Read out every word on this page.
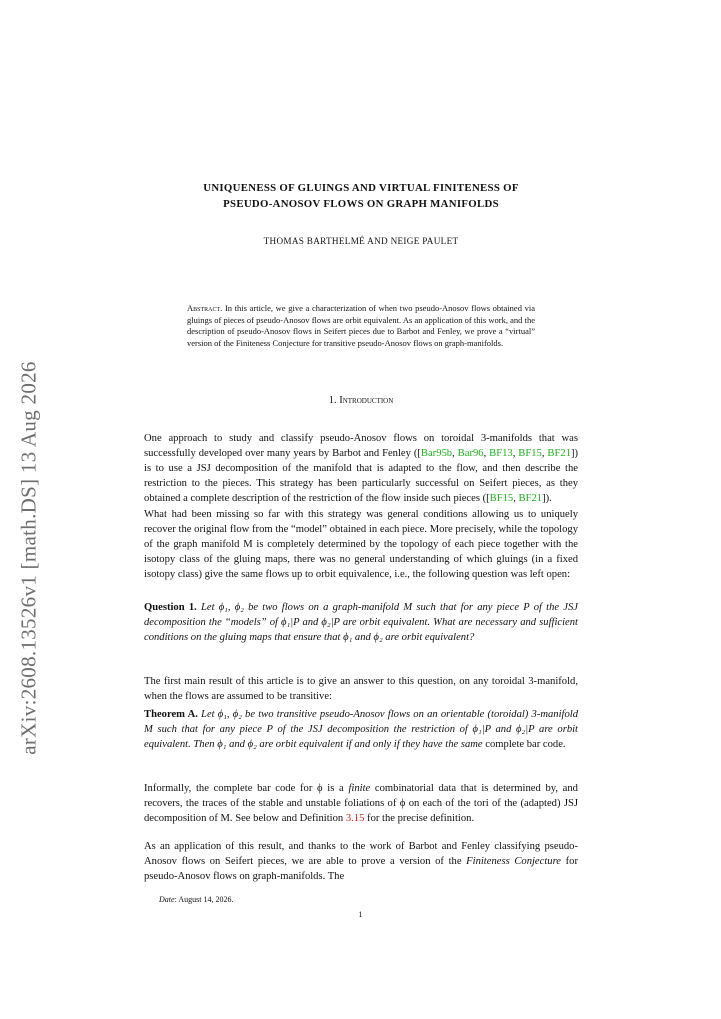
arXiv:2608.13526v1 [math.DS] 13 Aug 2026
UNIQUENESS OF GLUINGS AND VIRTUAL FINITENESS OF
PSEUDO-ANOSOV FLOWS ON GRAPH MANIFOLDS
THOMAS BARTHELMÉ AND NEIGE PAULET
Abstract. In this article, we give a characterization of when two pseudo-Anosov flows obtained via gluings of pieces of pseudo-Anosov flows are orbit equivalent. As an application of this work, and the description of pseudo-Anosov flows in Seifert pieces due to Barbot and Fenley, we prove a “virtual” version of the Finiteness Conjecture for transitive pseudo-Anosov flows on graph-manifolds.
1. Introduction
One approach to study and classify pseudo-Anosov flows on toroidal 3-manifolds that was successfully developed over many years by Barbot and Fenley ([Bar95b, Bar96, BF13, BF15, BF21]) is to use a JSJ decomposition of the manifold that is adapted to the flow, and then describe the restriction to the pieces. This strategy has been particularly successful on Seifert pieces, as they obtained a complete description of the restriction of the flow inside such pieces ([BF15, BF21]).
What had been missing so far with this strategy was general conditions allowing us to uniquely recover the original flow from the “model” obtained in each piece. More precisely, while the topology of the graph manifold M is completely determined by the topology of each piece together with the isotopy class of the gluing maps, there was no general understanding of which gluings (in a fixed isotopy class) give the same flows up to orbit equivalence, i.e., the following question was left open:
Question 1. Let ϕ₁, ϕ₂ be two flows on a graph-manifold M such that for any piece P of the JSJ decomposition the “models” of ϕ₁|P and ϕ₂|P are orbit equivalent. What are necessary and sufficient conditions on the gluing maps that ensure that ϕ₁ and ϕ₂ are orbit equivalent?
The first main result of this article is to give an answer to this question, on any toroidal 3-manifold, when the flows are assumed to be transitive:
Theorem A. Let ϕ₁, ϕ₂ be two transitive pseudo-Anosov flows on an orientable (toroidal) 3-manifold M such that for any piece P of the JSJ decomposition the restriction of ϕ₁|P and ϕ₂|P are orbit equivalent. Then ϕ₁ and ϕ₂ are orbit equivalent if and only if they have the same complete bar code.
Informally, the complete bar code for ϕ is a finite combinatorial data that is determined by, and recovers, the traces of the stable and unstable foliations of ϕ on each of the tori of the (adapted) JSJ decomposition of M. See below and Definition 3.15 for the precise definition.
As an application of this result, and thanks to the work of Barbot and Fenley classifying pseudo-Anosov flows on Seifert pieces, we are able to prove a version of the Finiteness Conjecture for pseudo-Anosov flows on graph-manifolds. The
Date: August 14, 2026.
1
